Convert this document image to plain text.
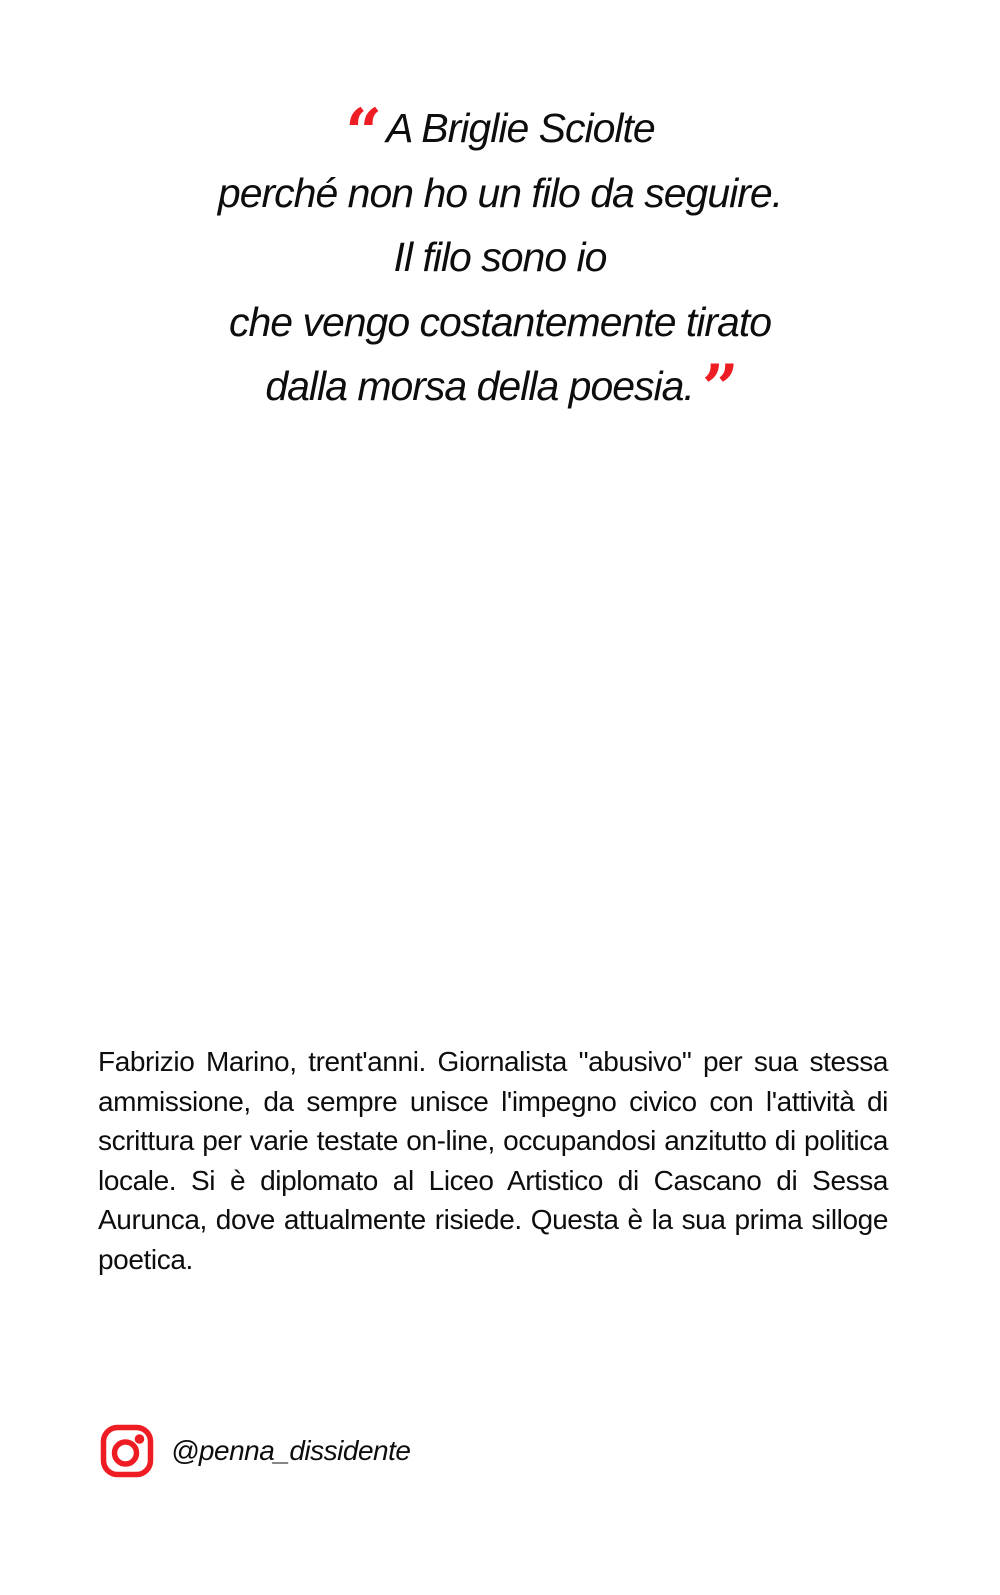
“ A Briglie Sciolte
perché non ho un filo da seguire.
Il filo sono io
che vengo costantemente tirato
dalla morsa della poesia. ”

Fabrizio Marino, trent'anni. Giornalista "abusivo" per sua stessa ammissione, da sempre unisce l'impegno civico con l'attività di scrittura per varie testate on-line, occupandosi anzitutto di politica locale. Si è diplomato al Liceo Artistico di Cascano di Sessa Aurunca, dove attualmente risiede. Questa è la sua prima silloge poetica.

@penna_dissidente
